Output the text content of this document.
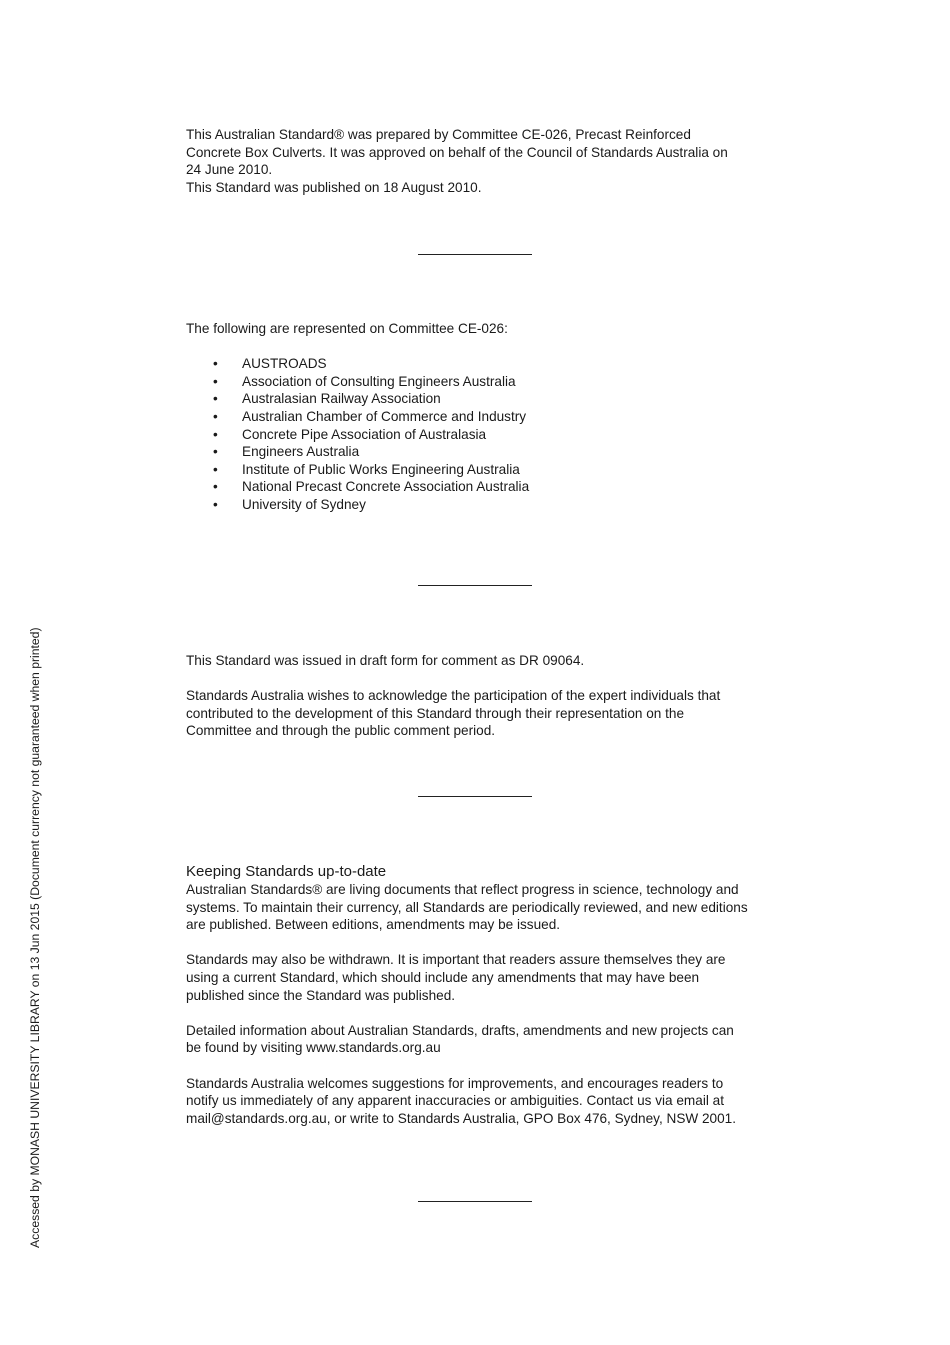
Accessed by MONASH UNIVERSITY LIBRARY on 13 Jun 2015 (Document currency not guaranteed when printed)

This Australian Standard® was prepared by Committee CE-026, Precast Reinforced

Concrete Box Culverts. It was approved on behalf of the Council of Standards Australia on

24 June 2010.

This Standard was published on 18 August 2010.

The following are represented on Committee CE-026:

• AUSTROADS
• Association of Consulting Engineers Australia
• Australasian Railway Association
• Australian Chamber of Commerce and Industry
• Concrete Pipe Association of Australasia
• Engineers Australia
• Institute of Public Works Engineering Australia
• National Precast Concrete Association Australia
• University of Sydney

This Standard was issued in draft form for comment as DR 09064.

Standards Australia wishes to acknowledge the participation of the expert individuals that

contributed to the development of this Standard through their representation on the

Committee and through the public comment period.

Keeping Standards up-to-date

Australian Standards® are living documents that reflect progress in science, technology and

systems. To maintain their currency, all Standards are periodically reviewed, and new editions

are published. Between editions, amendments may be issued.

Standards may also be withdrawn. It is important that readers assure themselves they are

using a current Standard, which should include any amendments that may have been

published since the Standard was published.

Detailed information about Australian Standards, drafts, amendments and new projects can

be found by visiting www.standards.org.au

Standards Australia welcomes suggestions for improvements, and encourages readers to

notify us immediately of any apparent inaccuracies or ambiguities. Contact us via email at

mail@standards.org.au, or write to Standards Australia, GPO Box 476, Sydney, NSW 2001.
